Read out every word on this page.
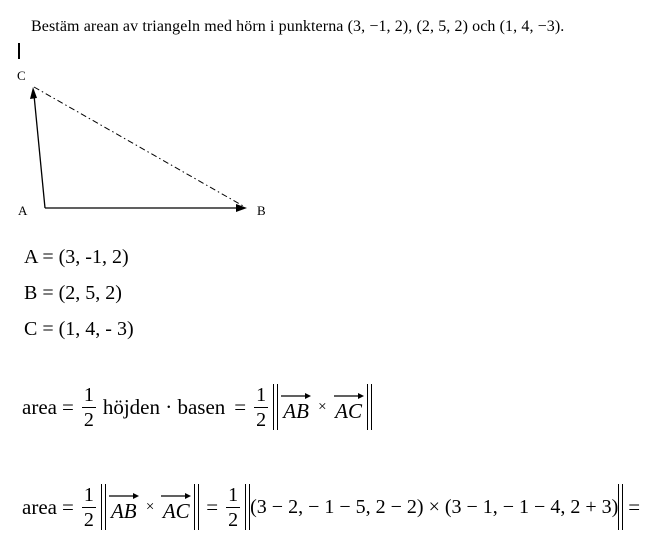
Bestäm arean av triangeln med hörn i punkterna (3, −1, 2), (2, 5, 2) och (1, 4, −3).
A	B
C
A = (3, -1, 2)
B = (2, 5, 2)
C = (1, 4, - 3)
area = $\frac{1}{2}$ höjden · basen = $\frac{1}{2}$ AB × AC
area = $\frac{1}{2}$ AB × AC = $\frac{1}{2} (3 - 2$, − 1 − 5, 2 − 2) × (3 − 1, − 1 − 4, 2 + 3) =
